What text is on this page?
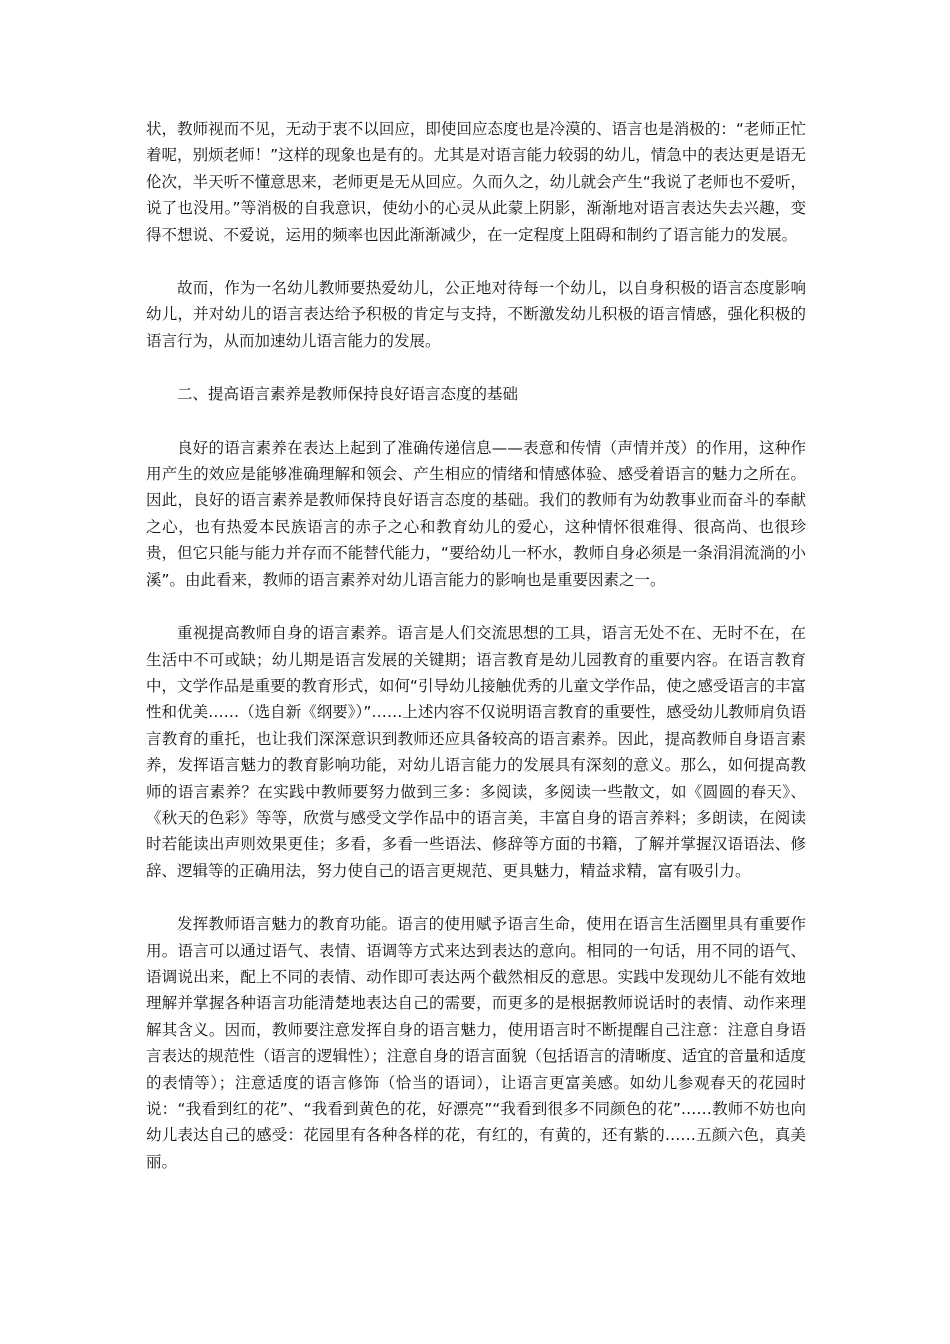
状，教师视而不见，无动于衷不以回应，即使回应态度也是冷漠的、语言也是消极的：“老师正忙着呢，别烦老师！”这样的现象也是有的。尤其是对语言能力较弱的幼儿，情急中的表达更是语无伦次，半天听不懂意思来，老师更是无从回应。久而久之，幼儿就会产生“我说了老师也不爱听，说了也没用。”等消极的自我意识，使幼小的心灵从此蒙上阴影，渐渐地对语言表达失去兴趣，变得不想说、不爱说，运用的频率也因此渐渐减少，在一定程度上阻碍和制约了语言能力的发展。

故而，作为一名幼儿教师要热爱幼儿，公正地对待每一个幼儿，以自身积极的语言态度影响幼儿，并对幼儿的语言表达给予积极的肯定与支持，不断激发幼儿积极的语言情感，强化积极的语言行为，从而加速幼儿语言能力的发展。

二、提高语言素养是教师保持良好语言态度的基础

良好的语言素养在表达上起到了准确传递信息——表意和传情（声情并茂）的作用，这种作用产生的效应是能够准确理解和领会、产生相应的情绪和情感体验、感受着语言的魅力之所在。因此，良好的语言素养是教师保持良好语言态度的基础。我们的教师有为幼教事业而奋斗的奉献之心，也有热爱本民族语言的赤子之心和教育幼儿的爱心，这种情怀很难得、很高尚、也很珍贵，但它只能与能力并存而不能替代能力，“要给幼儿一杯水，教师自身必须是一条涓涓流淌的小溪”。由此看来，教师的语言素养对幼儿语言能力的影响也是重要因素之一。

重视提高教师自身的语言素养。语言是人们交流思想的工具，语言无处不在、无时不在，在生活中不可或缺；幼儿期是语言发展的关键期；语言教育是幼儿园教育的重要内容。在语言教育中，文学作品是重要的教育形式，如何“引导幼儿接触优秀的儿童文学作品，使之感受语言的丰富性和优美……（选自新《纲要》）”……上述内容不仅说明语言教育的重要性，感受幼儿教师肩负语言教育的重托，也让我们深深意识到教师还应具备较高的语言素养。因此，提高教师自身语言素养，发挥语言魅力的教育影响功能，对幼儿语言能力的发展具有深刻的意义。那么，如何提高教师的语言素养？在实践中教师要努力做到三多：多阅读，多阅读一些散文，如《圆圆的春天》、《秋天的色彩》等等，欣赏与感受文学作品中的语言美，丰富自身的语言养料；多朗读，在阅读时若能读出声则效果更佳；多看，多看一些语法、修辞等方面的书籍，了解并掌握汉语语法、修辞、逻辑等的正确用法，努力使自己的语言更规范、更具魅力，精益求精，富有吸引力。

发挥教师语言魅力的教育功能。语言的使用赋予语言生命，使用在语言生活圈里具有重要作用。语言可以通过语气、表情、语调等方式来达到表达的意向。相同的一句话，用不同的语气、语调说出来，配上不同的表情、动作即可表达两个截然相反的意思。实践中发现幼儿不能有效地理解并掌握各种语言功能清楚地表达自己的需要，而更多的是根据教师说话时的表情、动作来理解其含义。因而，教师要注意发挥自身的语言魅力，使用语言时不断提醒自己注意：注意自身语言表达的规范性（语言的逻辑性）；注意自身的语言面貌（包括语言的清晰度、适宜的音量和适度的表情等）；注意适度的语言修饰（恰当的语词），让语言更富美感。如幼儿参观春天的花园时说：“我看到红的花”、“我看到黄色的花，好漂亮”“我看到很多不同颜色的花”……教师不妨也向幼儿表达自己的感受：花园里有各种各样的花，有红的，有黄的，还有紫的……五颜六色，真美丽。
